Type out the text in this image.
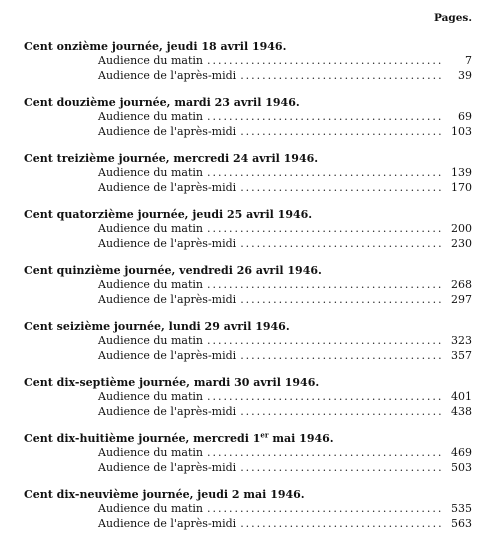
Pages.
Cent onzième journée, jeudi 18 avril 1946.
Audience du matin .....	7
Audience de l'après-midi .....	39
Cent douzième journée, mardi 23 avril 1946.
Audience du matin .....	69
Audience de l'après-midi .....	103
Cent treizième journée, mercredi 24 avril 1946.
Audience du matin .....	139
Audience de l'après-midi .....	170
Cent quatorzième journée, jeudi 25 avril 1946.
Audience du matin .....	200
Audience de l'après-midi .....	230
Cent quinzième journée, vendredi 26 avril 1946.
Audience du matin .....	268
Audience de l'après-midi .....	297
Cent seizième journée, lundi 29 avril 1946.
Audience du matin .....	323
Audience de l'après-midi .....	357
Cent dix-septième journée, mardi 30 avril 1946.
Audience du matin .....	401
Audience de l'après-midi .....	438
Cent dix-huitième journée, mercredi 1er mai 1946.
Audience du matin .....	469
Audience de l'après-midi .....	503
Cent dix-neuvième journée, jeudi 2 mai 1946.
Audience du matin .....	535
Audience de l'après-midi .....	563
